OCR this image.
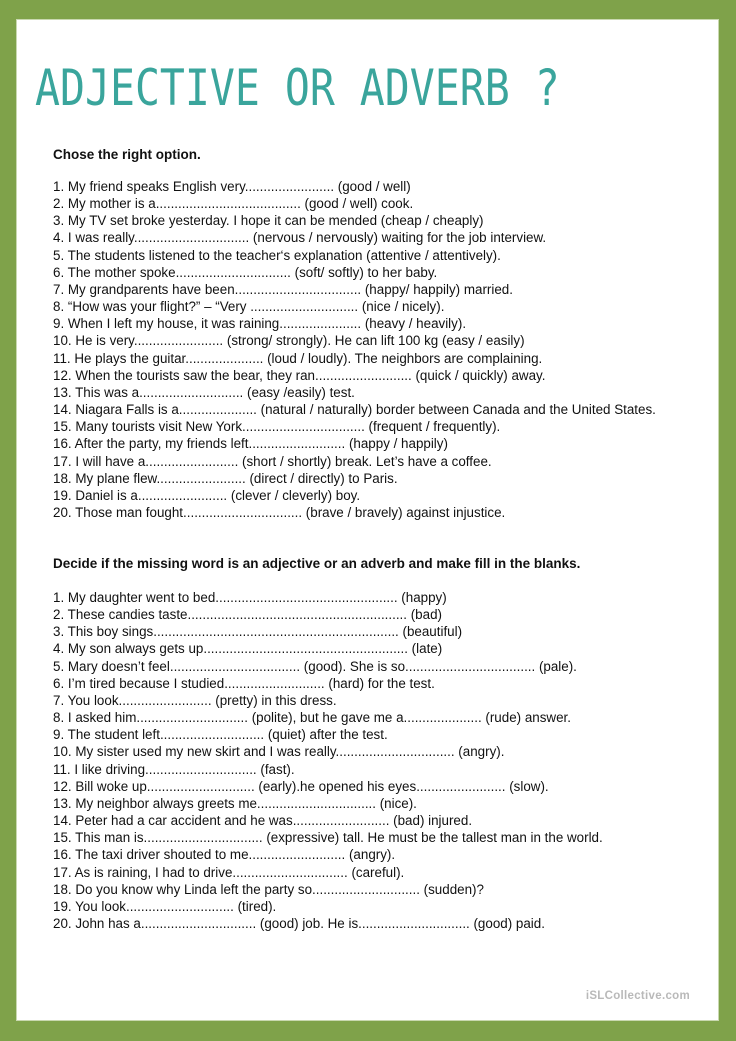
ADJECTIVE OR ADVERB ?
Chose the right option.
1. My friend speaks English very........................ (good / well)
2. My mother is a....................................... (good / well) cook.
3. My TV set broke yesterday. I hope it can be mended (cheap / cheaply)
4. I was really............................... (nervous / nervously) waiting for the job interview.
5. The students listened to the teacher‘s explanation (attentive / attentively).
6. The mother spoke............................... (soft/ softly) to her baby.
7. My grandparents have been.................................. (happy/ happily) married.
8. “How was your flight?” – “Very ............................. (nice / nicely).
9. When I left my house, it was raining...................... (heavy / heavily).
10. He is very........................ (strong/ strongly). He can lift 100 kg (easy / easily)
11. He plays the guitar..................... (loud / loudly). The neighbors are complaining.
12. When the tourists saw the bear, they ran.......................... (quick / quickly) away.
13. This was a............................ (easy /easily) test.
14. Niagara Falls is a..................... (natural / naturally) border between Canada and the United States.
15. Many tourists visit New York................................. (frequent / frequently).
16. After the party, my friends left.......................... (happy / happily)
17. I will have a......................... (short / shortly) break. Let’s have a coffee.
18. My plane flew........................ (direct / directly) to Paris.
19. Daniel is a........................ (clever / cleverly) boy.
20. Those man fought................................ (brave / bravely) against injustice.
Decide if the missing word is an adjective or an adverb and make fill in the blanks.
1. My daughter went to bed................................................. (happy)
2. These candies taste........................................................... (bad)
3. This boy sings.................................................................. (beautiful)
4. My son always gets up....................................................... (late)
5. Mary doesn’t feel................................... (good). She is so................................... (pale).
6. I’m tired because I studied........................... (hard) for the test.
7. You look......................... (pretty) in this dress.
8. I asked him.............................. (polite), but he gave me a..................... (rude) answer.
9. The student left............................ (quiet) after the test.
10. My sister used my new skirt and I was really................................ (angry).
11. I like driving.............................. (fast).
12. Bill woke up............................. (early).he opened his eyes........................ (slow).
13. My neighbor always greets me................................ (nice).
14. Peter had a car accident and he was.......................... (bad) injured.
15. This man is................................ (expressive) tall. He must be the tallest man in the world.
16. The taxi driver shouted to me.......................... (angry).
17. As is raining, I had to drive............................... (careful).
18. Do you know why Linda left the party so............................. (sudden)?
19. You look............................. (tired).
20. John has a............................... (good) job. He is.............................. (good) paid.
iSLCollective.com
